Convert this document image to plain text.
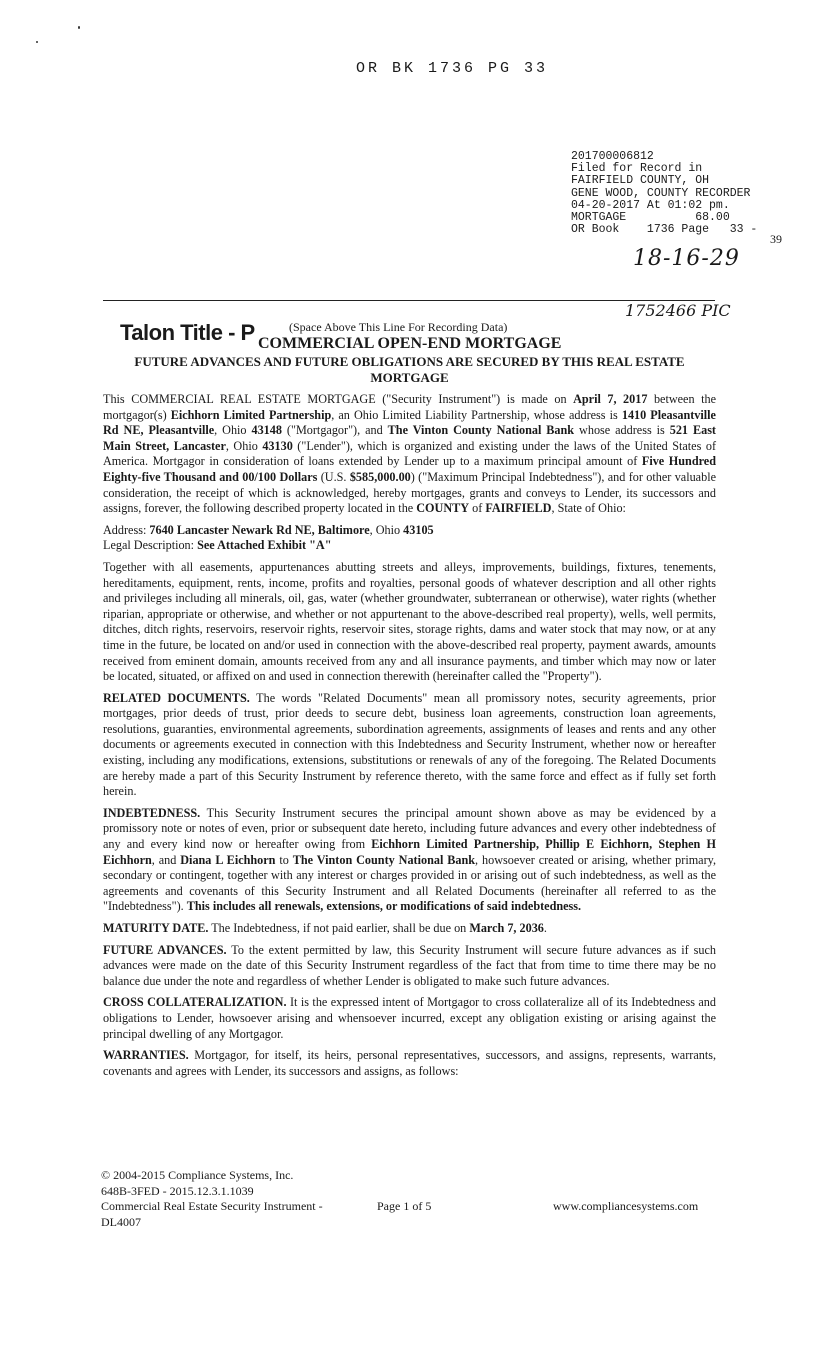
OR BK 1736 PG 33
201700006812
Filed for Record in
FAIRFIELD COUNTY, OH
GENE WOOD, COUNTY RECORDER
04-20-2017 At 01:02 pm.
MORTGAGE          68.00
OR Book    1736 Page   33 -
39
18-16-29
1752466 PIC
Talon Title - P	(Space Above This Line For Recording Data)
COMMERCIAL OPEN-END MORTGAGE
FUTURE ADVANCES AND FUTURE OBLIGATIONS ARE SECURED BY THIS REAL ESTATE MORTGAGE

This COMMERCIAL REAL ESTATE MORTGAGE ("Security Instrument") is made on April 7, 2017 between the mortgagor(s) Eichhorn Limited Partnership, an Ohio Limited Liability Partnership, whose address is 1410 Pleasantville Rd NE, Pleasantville, Ohio 43148 ("Mortgagor"), and The Vinton County National Bank whose address is 521 East Main Street, Lancaster, Ohio 43130 ("Lender"), which is organized and existing under the laws of the United States of America. Mortgagor in consideration of loans extended by Lender up to a maximum principal amount of Five Hundred Eighty-five Thousand and 00/100 Dollars (U.S. $585,000.00) ("Maximum Principal Indebtedness"), and for other valuable consideration, the receipt of which is acknowledged, hereby mortgages, grants and conveys to Lender, its successors and assigns, forever, the following described property located in the COUNTY of FAIRFIELD, State of Ohio:

Address: 7640 Lancaster Newark Rd NE, Baltimore, Ohio 43105
Legal Description: See Attached Exhibit "A"

Together with all easements, appurtenances abutting streets and alleys, improvements, buildings, fixtures, tenements, hereditaments, equipment, rents, income, profits and royalties, personal goods of whatever description and all other rights and privileges including all minerals, oil, gas, water (whether groundwater, subterranean or otherwise), water rights (whether riparian, appropriate or otherwise, and whether or not appurtenant to the above-described real property), wells, well permits, ditches, ditch rights, reservoirs, reservoir rights, reservoir sites, storage rights, dams and water stock that may now, or at any time in the future, be located on and/or used in connection with the above-described real property, payment awards, amounts received from eminent domain, amounts received from any and all insurance payments, and timber which may now or later be located, situated, or affixed on and used in connection therewith (hereinafter called the "Property").

RELATED DOCUMENTS. The words "Related Documents" mean all promissory notes, security agreements, prior mortgages, prior deeds of trust, prior deeds to secure debt, business loan agreements, construction loan agreements, resolutions, guaranties, environmental agreements, subordination agreements, assignments of leases and rents and any other documents or agreements executed in connection with this Indebtedness and Security Instrument, whether now or hereafter existing, including any modifications, extensions, substitutions or renewals of any of the foregoing. The Related Documents are hereby made a part of this Security Instrument by reference thereto, with the same force and effect as if fully set forth herein.

INDEBTEDNESS. This Security Instrument secures the principal amount shown above as may be evidenced by a promissory note or notes of even, prior or subsequent date hereto, including future advances and every other indebtedness of any and every kind now or hereafter owing from Eichhorn Limited Partnership, Phillip E Eichhorn, Stephen H Eichhorn, and Diana L Eichhorn to The Vinton County National Bank, howsoever created or arising, whether primary, secondary or contingent, together with any interest or charges provided in or arising out of such indebtedness, as well as the agreements and covenants of this Security Instrument and all Related Documents (hereinafter all referred to as the "Indebtedness"). This includes all renewals, extensions, or modifications of said indebtedness.

MATURITY DATE. The Indebtedness, if not paid earlier, shall be due on March 7, 2036.

FUTURE ADVANCES. To the extent permitted by law, this Security Instrument will secure future advances as if such advances were made on the date of this Security Instrument regardless of the fact that from time to time there may be no balance due under the note and regardless of whether Lender is obligated to make such future advances.

CROSS COLLATERALIZATION. It is the expressed intent of Mortgagor to cross collateralize all of its Indebtedness and obligations to Lender, howsoever arising and whensoever incurred, except any obligation existing or arising against the principal dwelling of any Mortgagor.

WARRANTIES. Mortgagor, for itself, its heirs, personal representatives, successors, and assigns, represents, warrants, covenants and agrees with Lender, its successors and assigns, as follows:

© 2004-2015 Compliance Systems, Inc.
648B-3FED - 2015.12.3.1.1039
Commercial Real Estate Security Instrument -	Page 1 of 5	www.compliancesystems.com
DL4007
